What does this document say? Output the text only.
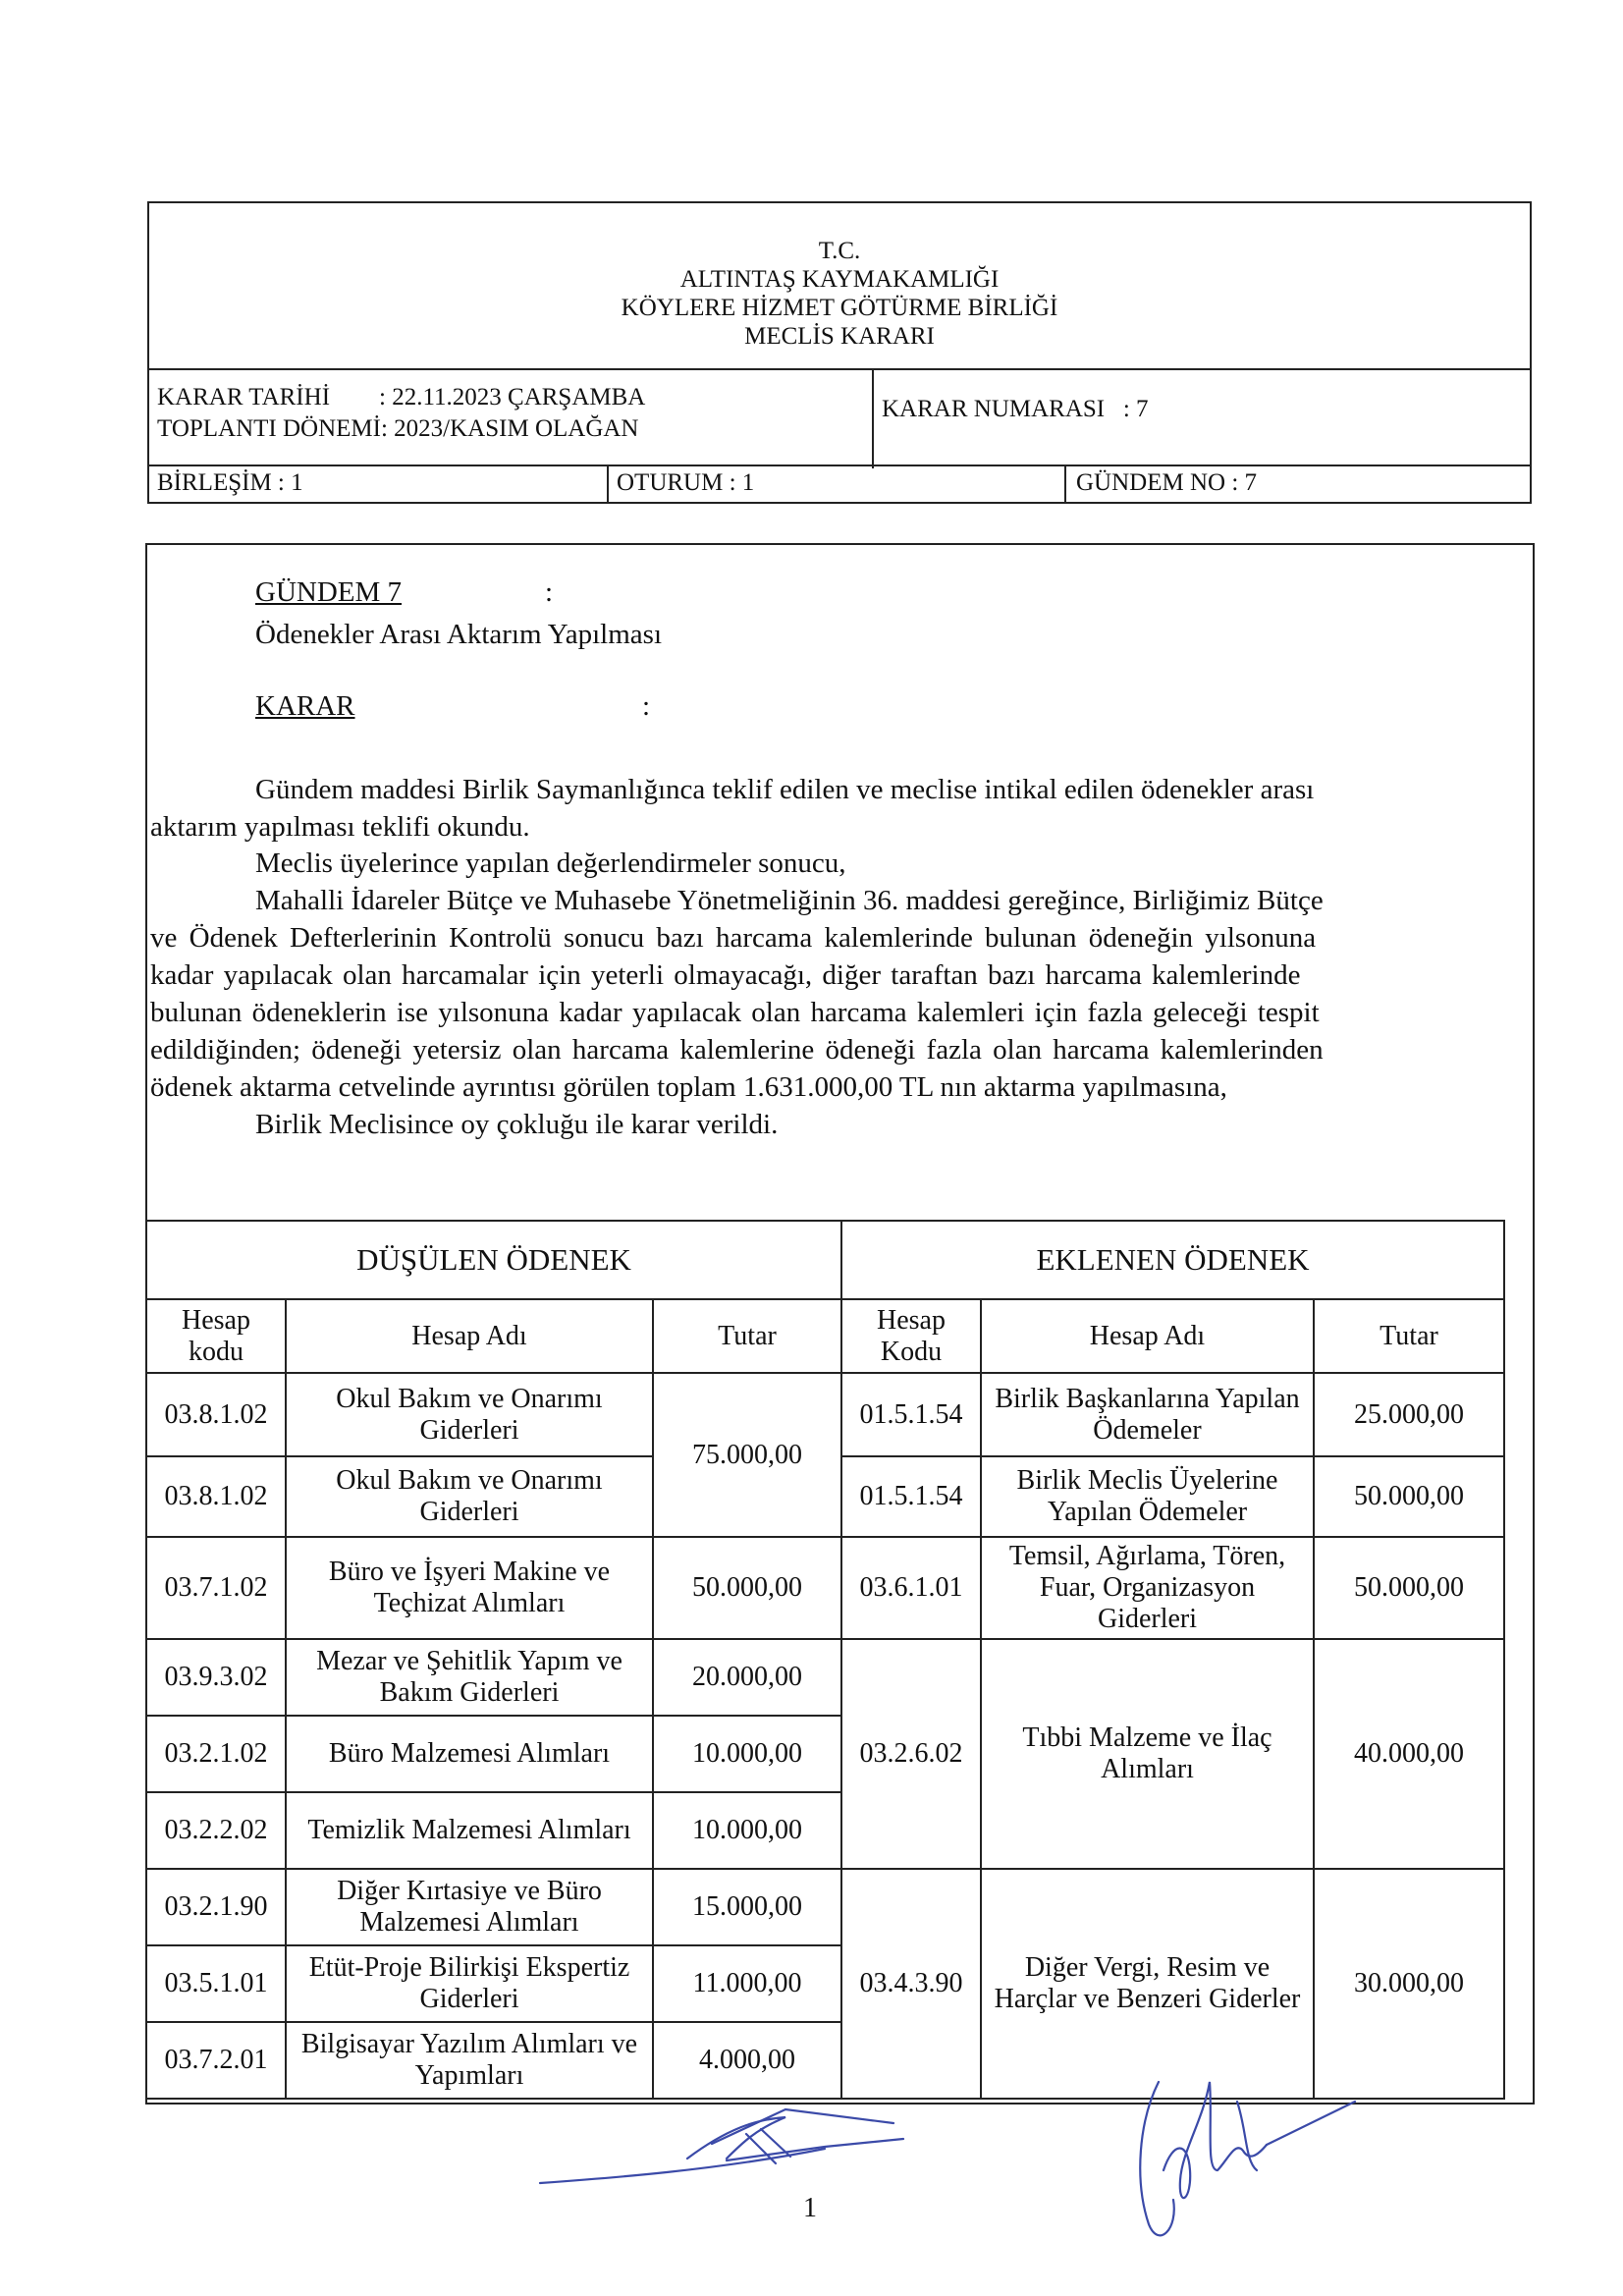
T.C.
ALTINTAŞ KAYMAKAMLIĞI
KÖYLERE HİZMET GÖTÜRME BİRLİĞİ
MECLİS KARARI
KARAR TARİHİ        : 22.11.2023 ÇARŞAMBA
TOPLANTI DÖNEMİ: 2023/KASIM OLAĞAN
KARAR NUMARASI   : 7
BİRLEŞİM : 1	OTURUM : 1	GÜNDEM NO : 7
GÜNDEM 7	:
Ödenekler Arası Aktarım Yapılması
KARAR	:
Gündem maddesi Birlik Saymanlığınca teklif edilen ve meclise intikal edilen ödenekler arası
aktarım yapılması teklifi okundu.
Meclis üyelerince yapılan değerlendirmeler sonucu,
Mahalli İdareler Bütçe ve Muhasebe Yönetmeliğinin 36. maddesi gereğince, Birliğimiz Bütçe
ve Ödenek Defterlerinin Kontrolü sonucu bazı harcama kalemlerinde bulunan ödeneğin yılsonuna
kadar yapılacak olan harcamalar için yeterli olmayacağı, diğer taraftan bazı harcama kalemlerinde
bulunan ödeneklerin ise yılsonuna kadar yapılacak olan harcama kalemleri için fazla geleceği tespit
edildiğinden; ödeneği yetersiz olan harcama kalemlerine ödeneği fazla olan harcama kalemlerinden
ödenek aktarma cetvelinde ayrıntısı görülen toplam 1.631.000,00 TL nın aktarma yapılmasına,
Birlik Meclisince oy çokluğu ile karar verildi.
DÜŞÜLEN ÖDENEK			EKLENEN ÖDENEK		
Hesap kodu	Hesap Adı	Tutar	Hesap Kodu	Hesap Adı	Tutar
03.8.1.02	Okul Bakım ve Onarımı Giderleri	75.000,00	01.5.1.54	Birlik Başkanlarına Yapılan Ödemeler	25.000,00
03.8.1.02	Okul Bakım ve Onarımı Giderleri		01.5.1.54	Birlik Meclis Üyelerine Yapılan Ödemeler	50.000,00
03.7.1.02	Büro ve İşyeri Makine ve Teçhizat Alımları	50.000,00	03.6.1.01	Temsil, Ağırlama, Tören, Fuar, Organizasyon Giderleri	50.000,00
03.9.3.02	Mezar ve Şehitlik Yapım ve Bakım Giderleri	20.000,00	03.2.6.02	Tıbbi Malzeme ve İlaç Alımları	40.000,00
03.2.1.02	Büro Malzemesi Alımları	10.000,00			
03.2.2.02	Temizlik Malzemesi Alımları	10.000,00			
03.2.1.90	Diğer Kırtasiye ve Büro Malzemesi Alımları	15.000,00	03.4.3.90	Diğer Vergi, Resim ve Harçlar ve Benzeri Giderler	30.000,00
03.5.1.01	Etüt-Proje Bilirkişi Ekspertiz Giderleri	11.000,00			
03.7.2.01	Bilgisayar Yazılım Alımları ve Yapımları	4.000,00			
1
